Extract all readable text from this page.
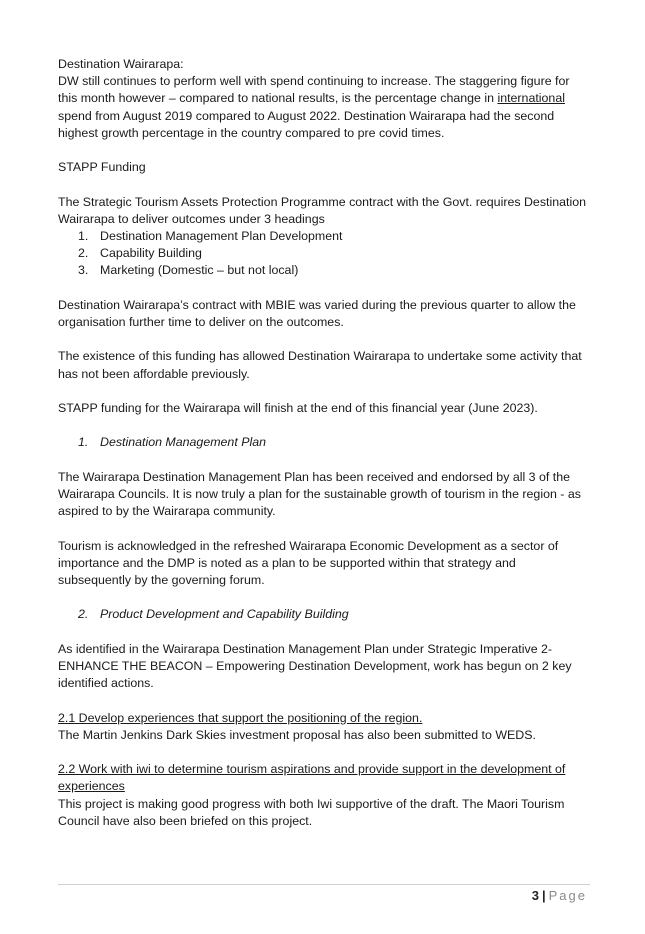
Destination Wairarapa:

DW still continues to perform well with spend continuing to increase. The staggering figure for this month however – compared to national results, is the percentage change in international spend from August 2019 compared to August 2022. Destination Wairarapa had the second highest growth percentage in the country compared to pre covid times.

STAPP Funding

The Strategic Tourism Assets Protection Programme contract with the Govt. requires Destination Wairarapa to deliver outcomes under 3 headings

1. Destination Management Plan Development
2. Capability Building
3. Marketing (Domestic – but not local)

Destination Wairarapa’s contract with MBIE was varied during the previous quarter to allow the organisation further time to deliver on the outcomes.

The existence of this funding has allowed Destination Wairarapa to undertake some activity that has not been affordable previously.

STAPP funding for the Wairarapa will finish at the end of this financial year (June 2023).

1. Destination Management Plan

The Wairarapa Destination Management Plan has been received and endorsed by all 3 of the Wairarapa Councils. It is now truly a plan for the sustainable growth of tourism in the region - as aspired to by the Wairarapa community.

Tourism is acknowledged in the refreshed Wairarapa Economic Development as a sector of importance and the DMP is noted as a plan to be supported within that strategy and subsequently by the governing forum.

2. Product Development and Capability Building

As identified in the Wairarapa Destination Management Plan under Strategic Imperative 2- ENHANCE THE BEACON – Empowering Destination Development, work has begun on 2 key identified actions.

2.1 Develop experiences that support the positioning of the region.

The Martin Jenkins Dark Skies investment proposal has also been submitted to WEDS.

2.2 Work with iwi to determine tourism aspirations and provide support in the development of experiences

This project is making good progress with both Iwi supportive of the draft. The Maori Tourism Council have also been briefed on this project.

3 | Page
